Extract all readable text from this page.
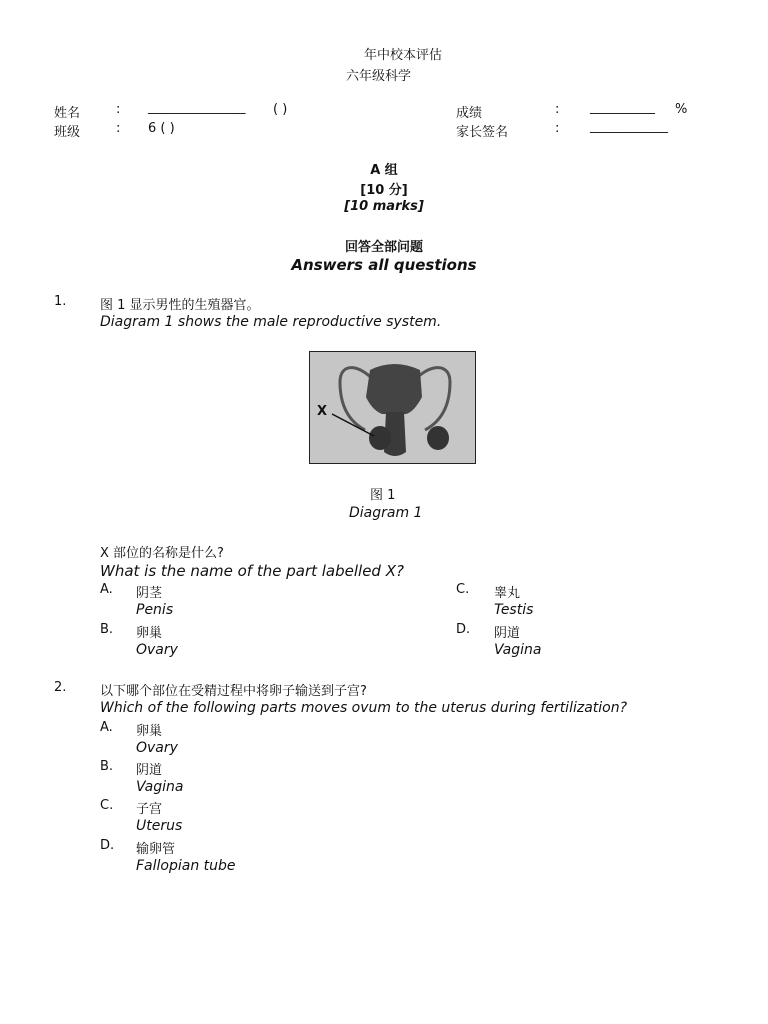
年中校本评估
六年级科学
姓名	: _______________ ( )
班级	: 6 ( )
成绩	: __________ %
家长签名	: ____________
A 组
[10 分]
[10 marks]
回答全部问题
Answers all questions
1.	图 1 显示男性的生殖器官。
Diagram 1 shows the male reproductive system.
X
图 1
Diagram 1
X 部位的名称是什么?
What is the name of the part labelled X?
A. 阴茎
Penis
B. 卵巢
Ovary
C. 睾丸
Testis
D. 阴道
Vagina
2.	以下哪个部位在受精过程中将卵子输送到子宫?
Which of the following parts moves ovum to the uterus during fertilization?
A. 卵巢
Ovary
B. 阴道
Vagina
C. 子宫
Uterus
D. 输卵管
Fallopian tube
